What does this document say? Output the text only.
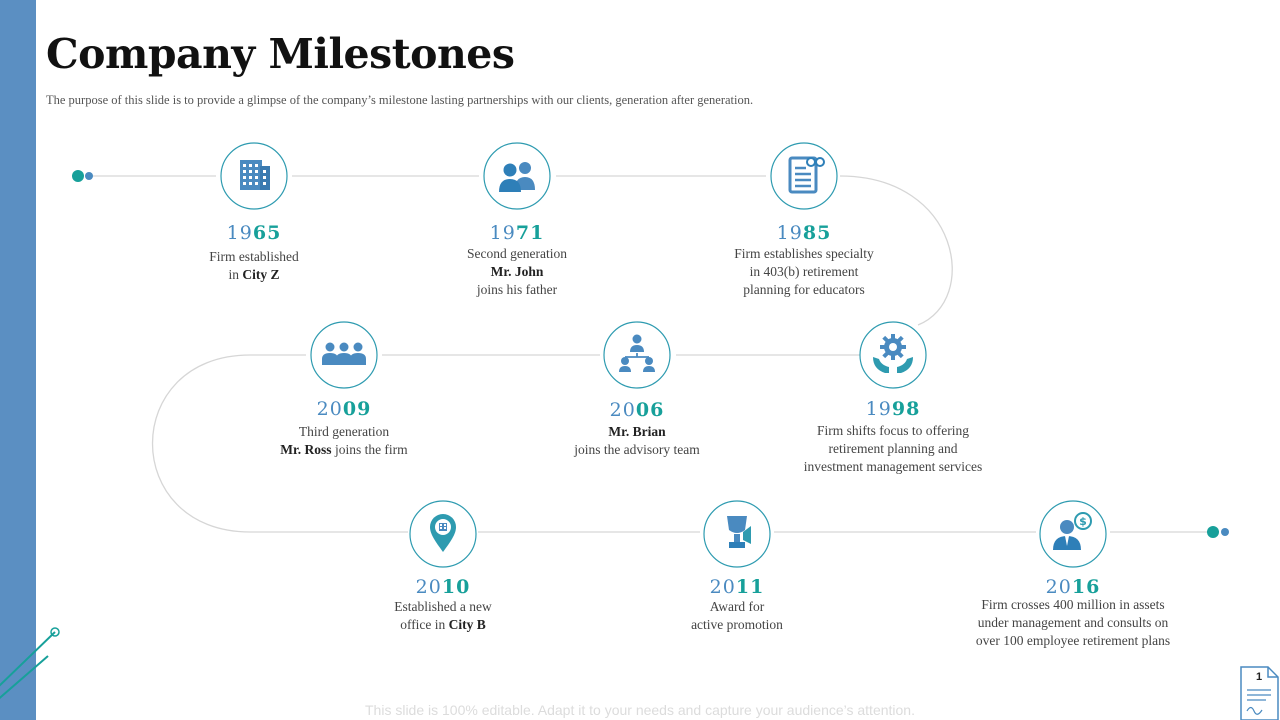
Company Milestones
The purpose of this slide is to provide a glimpse of the company’s milestone lasting partnerships with our clients, generation after generation.
1965
Firm established
in City Z
1971
Second generation
Mr. John
joins his father
1985
Firm establishes specialty
in 403(b) retirement
planning for educators
2009
Third generation
Mr. Ross joins the firm
2006
Mr. Brian
joins the advisory team
1998
Firm shifts focus to offering
retirement planning and
investment management services
2010
Established a new
office in City B
2011
Award for
active promotion
$
2016
Firm crosses 400 million in assets
under management and consults on
over 100 employee retirement plans
This slide is 100% editable. Adapt it to your needs and capture your audience’s attention.
1
